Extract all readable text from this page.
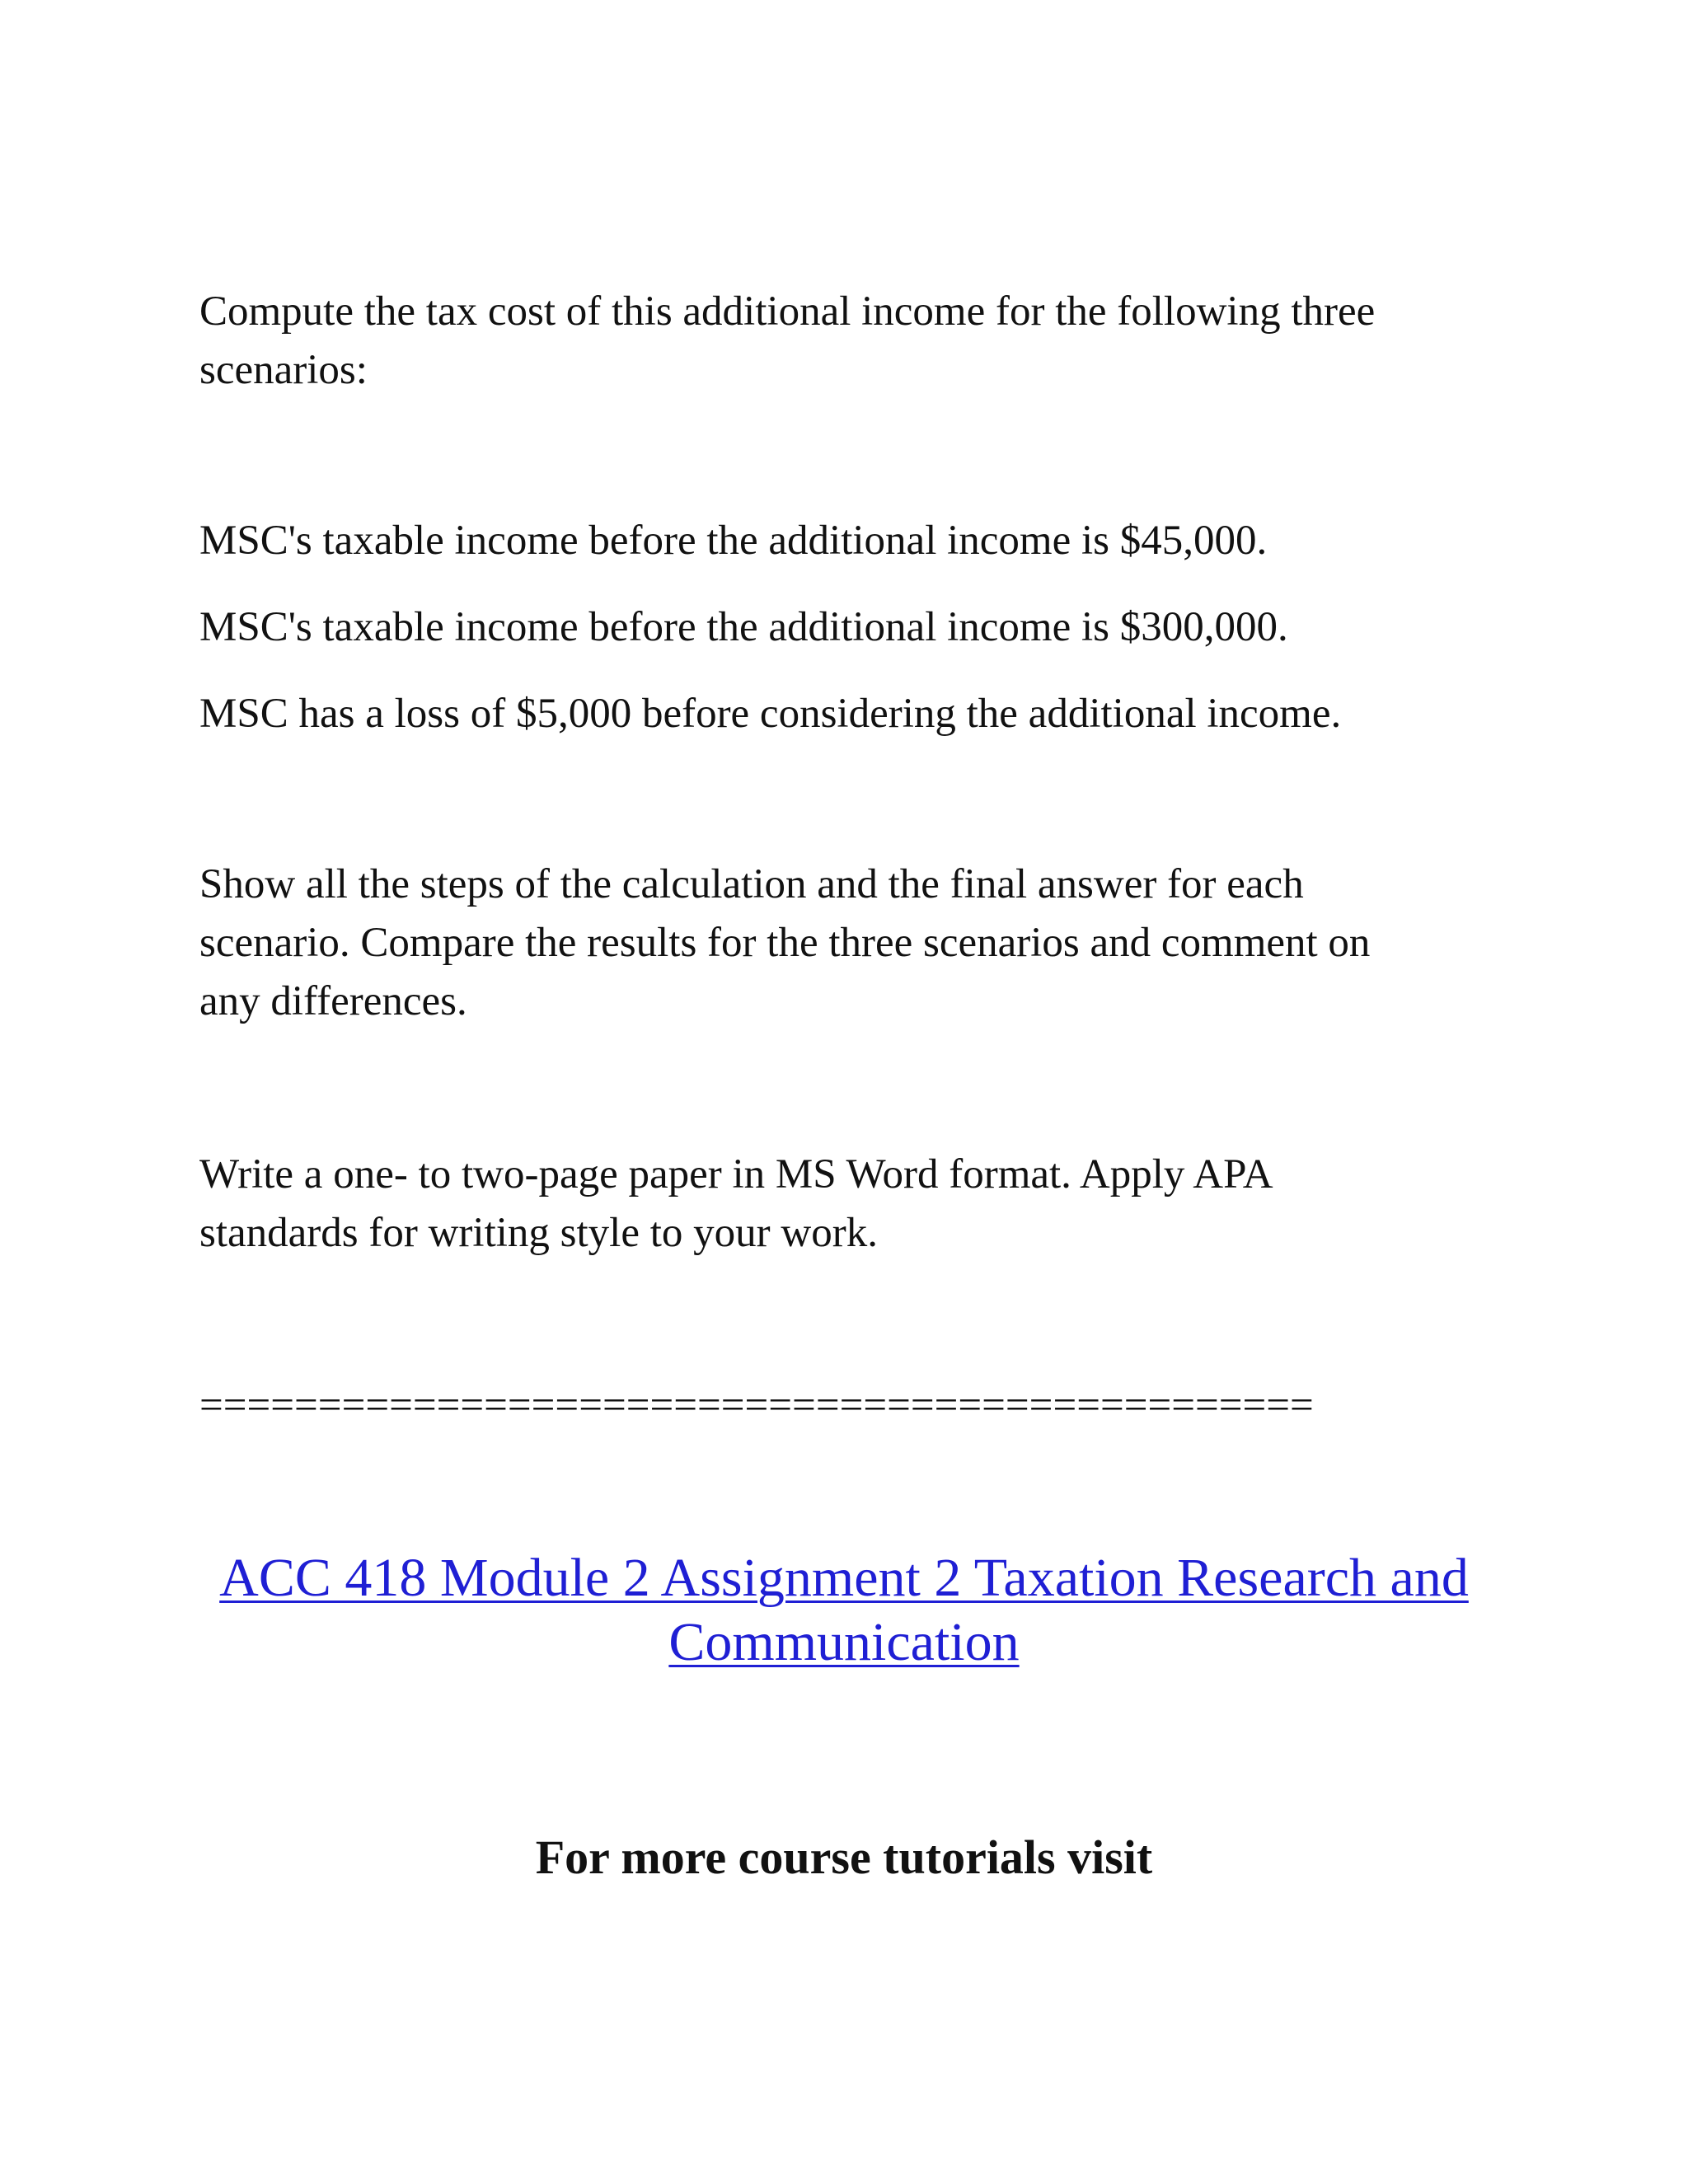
Compute the tax cost of this additional income for the following three
scenarios:
MSC's taxable income before the additional income is $45,000.
MSC's taxable income before the additional income is $300,000.
MSC has a loss of $5,000 before considering the additional income.
Show all the steps of the calculation and the final answer for each
scenario. Compare the results for the three scenarios and comment on
any differences.
Write a one- to two-page paper in MS Word format. Apply APA
standards for writing style to your work.
===============================================
ACC 418 Module 2 Assignment 2 Taxation Research and
Communication
For more course tutorials visit
